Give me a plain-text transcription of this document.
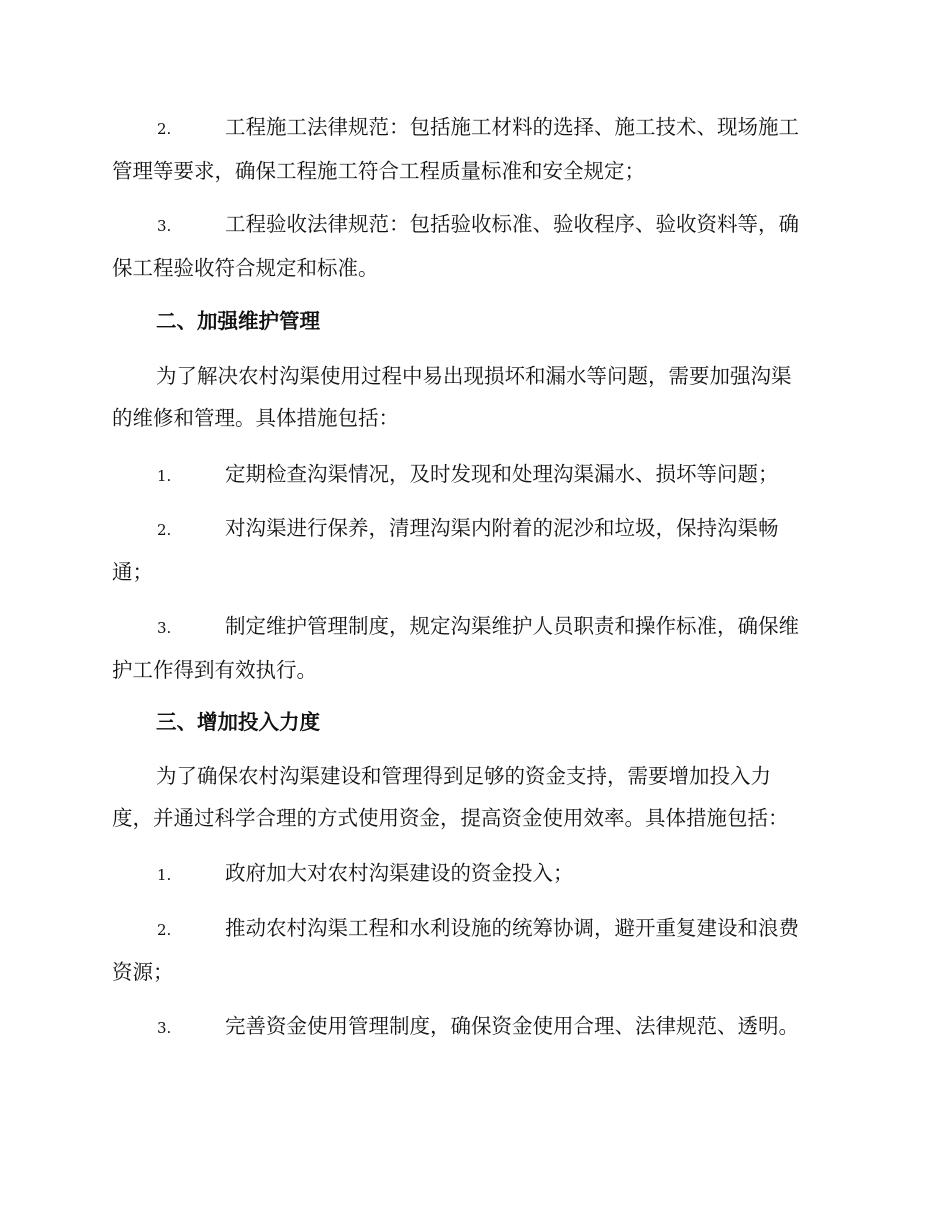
2.	工程施工法律规范：包括施工材料的选择、施工技术、现场施工
管理等要求，确保工程施工符合工程质量标准和安全规定；
3.	工程验收法律规范：包括验收标准、验收程序、验收资料等，确
保工程验收符合规定和标准。
二、加强维护管理
为了解决农村沟渠使用过程中易出现损坏和漏水等问题，需要加强沟渠
的维修和管理。具体措施包括：
1.	定期检查沟渠情况，及时发现和处理沟渠漏水、损坏等问题；
2.	对沟渠进行保养，清理沟渠内附着的泥沙和垃圾，保持沟渠畅
通；
3.	制定维护管理制度，规定沟渠维护人员职责和操作标准，确保维
护工作得到有效执行。
三、增加投入力度
为了确保农村沟渠建设和管理得到足够的资金支持，需要增加投入力
度，并通过科学合理的方式使用资金，提高资金使用效率。具体措施包括：
1.	政府加大对农村沟渠建设的资金投入；
2.	推动农村沟渠工程和水利设施的统筹协调，避开重复建设和浪费
资源；
3.	完善资金使用管理制度，确保资金使用合理、法律规范、透明。
